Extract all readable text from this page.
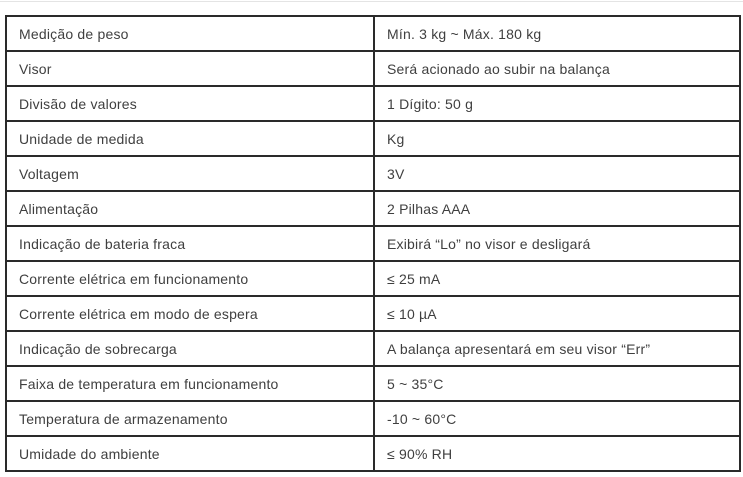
Medição de peso	Mín. 3 kg ~ Máx. 180 kg
Visor	Será acionado ao subir na balança
Divisão de valores	1 Dígito: 50 g
Unidade de medida	Kg
Voltagem	3V
Alimentação	2 Pilhas AAA
Indicação de bateria fraca	Exibirá “Lo” no visor e desligará
Corrente elétrica em funcionamento	≤ 25 mA
Corrente elétrica em modo de espera	≤ 10 µA
Indicação de sobrecarga	A balança apresentará em seu visor “Err”
Faixa de temperatura em funcionamento	5 ~ 35°C
Temperatura de armazenamento	-10 ~ 60°C
Umidade do ambiente	≤ 90% RH
